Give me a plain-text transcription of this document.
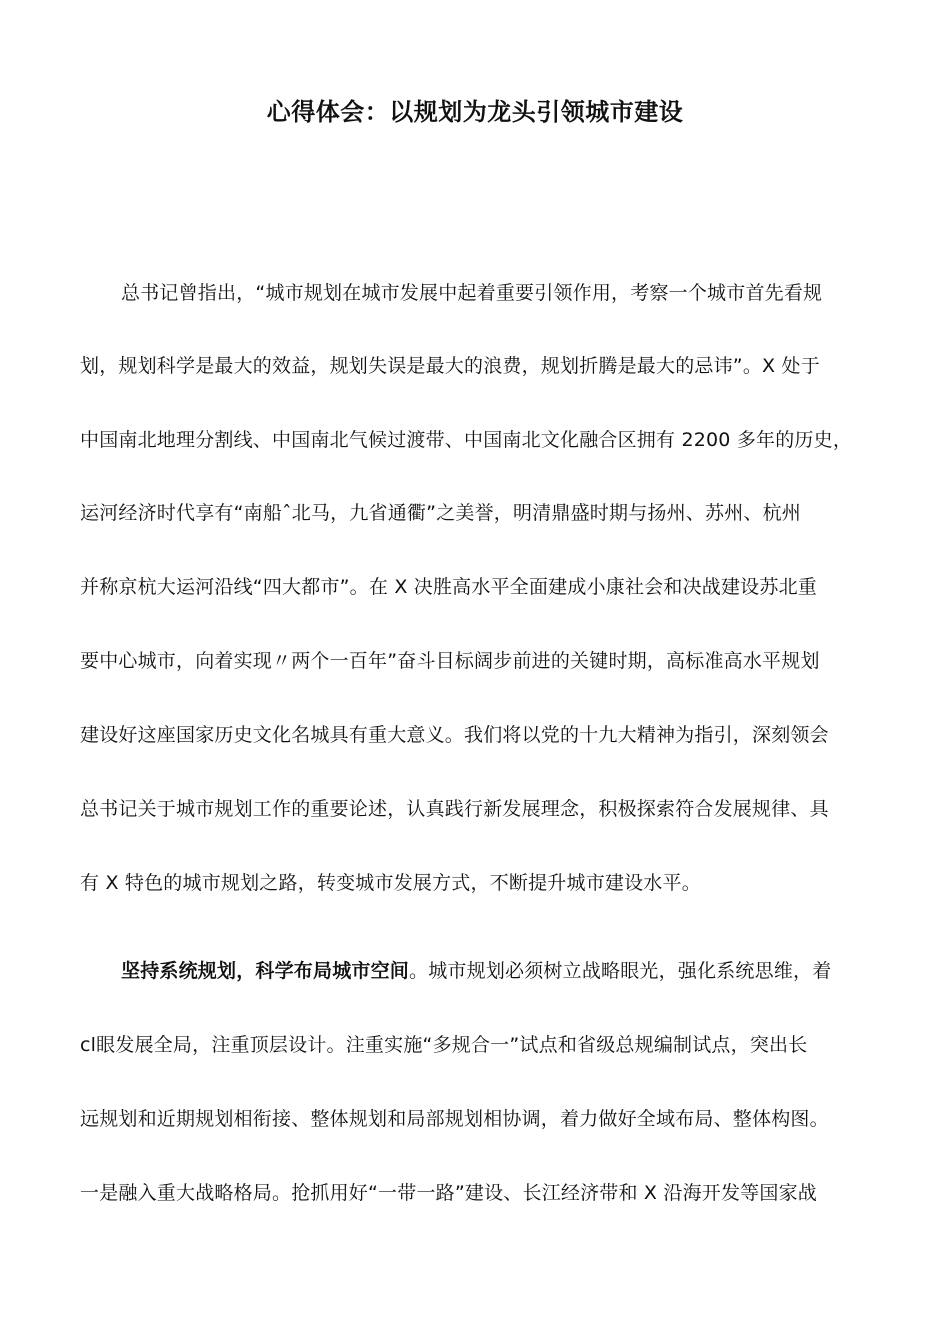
心得体会：以规划为龙头引领城市建设
总书记曾指出，“城市规划在城市发展中起着重要引领作用，考察一个城市首先看规
划，规划科学是最大的效益，规划失误是最大的浪费，规划折腾是最大的忌讳”。X 处于
中国南北地理分割线、中国南北气候过渡带、中国南北文化融合区拥有 2200 多年的历史，
运河经济时代享有“南船ˆ北马，九省通衢”之美誉，明清鼎盛时期与扬州、苏州、杭州
并称京杭大运河沿线“四大都市”。在 X 决胜高水平全面建成小康社会和决战建设苏北重
要中心城市，向着实现〃两个一百年”奋斗目标阔步前进的关键时期，高标准高水平规划
建设好这座国家历史文化名城具有重大意义。我们将以党的十九大精神为指引，深刻领会
总书记关于城市规划工作的重要论述，认真践行新发展理念，积极探索符合发展规律、具
有 X 特色的城市规划之路，转变城市发展方式，不断提升城市建设水平。
坚持系统规划，科学布局城市空间。城市规划必须树立战略眼光，强化系统思维，着
cl眼发展全局，注重顶层设计。注重实施“多规合一”试点和省级总规编制试点，突出长
远规划和近期规划相衔接、整体规划和局部规划相协调，着力做好全域布局、整体构图。
一是融入重大战略格局。抢抓用好“一带一路”建设、长江经济带和 X 沿海开发等国家战
